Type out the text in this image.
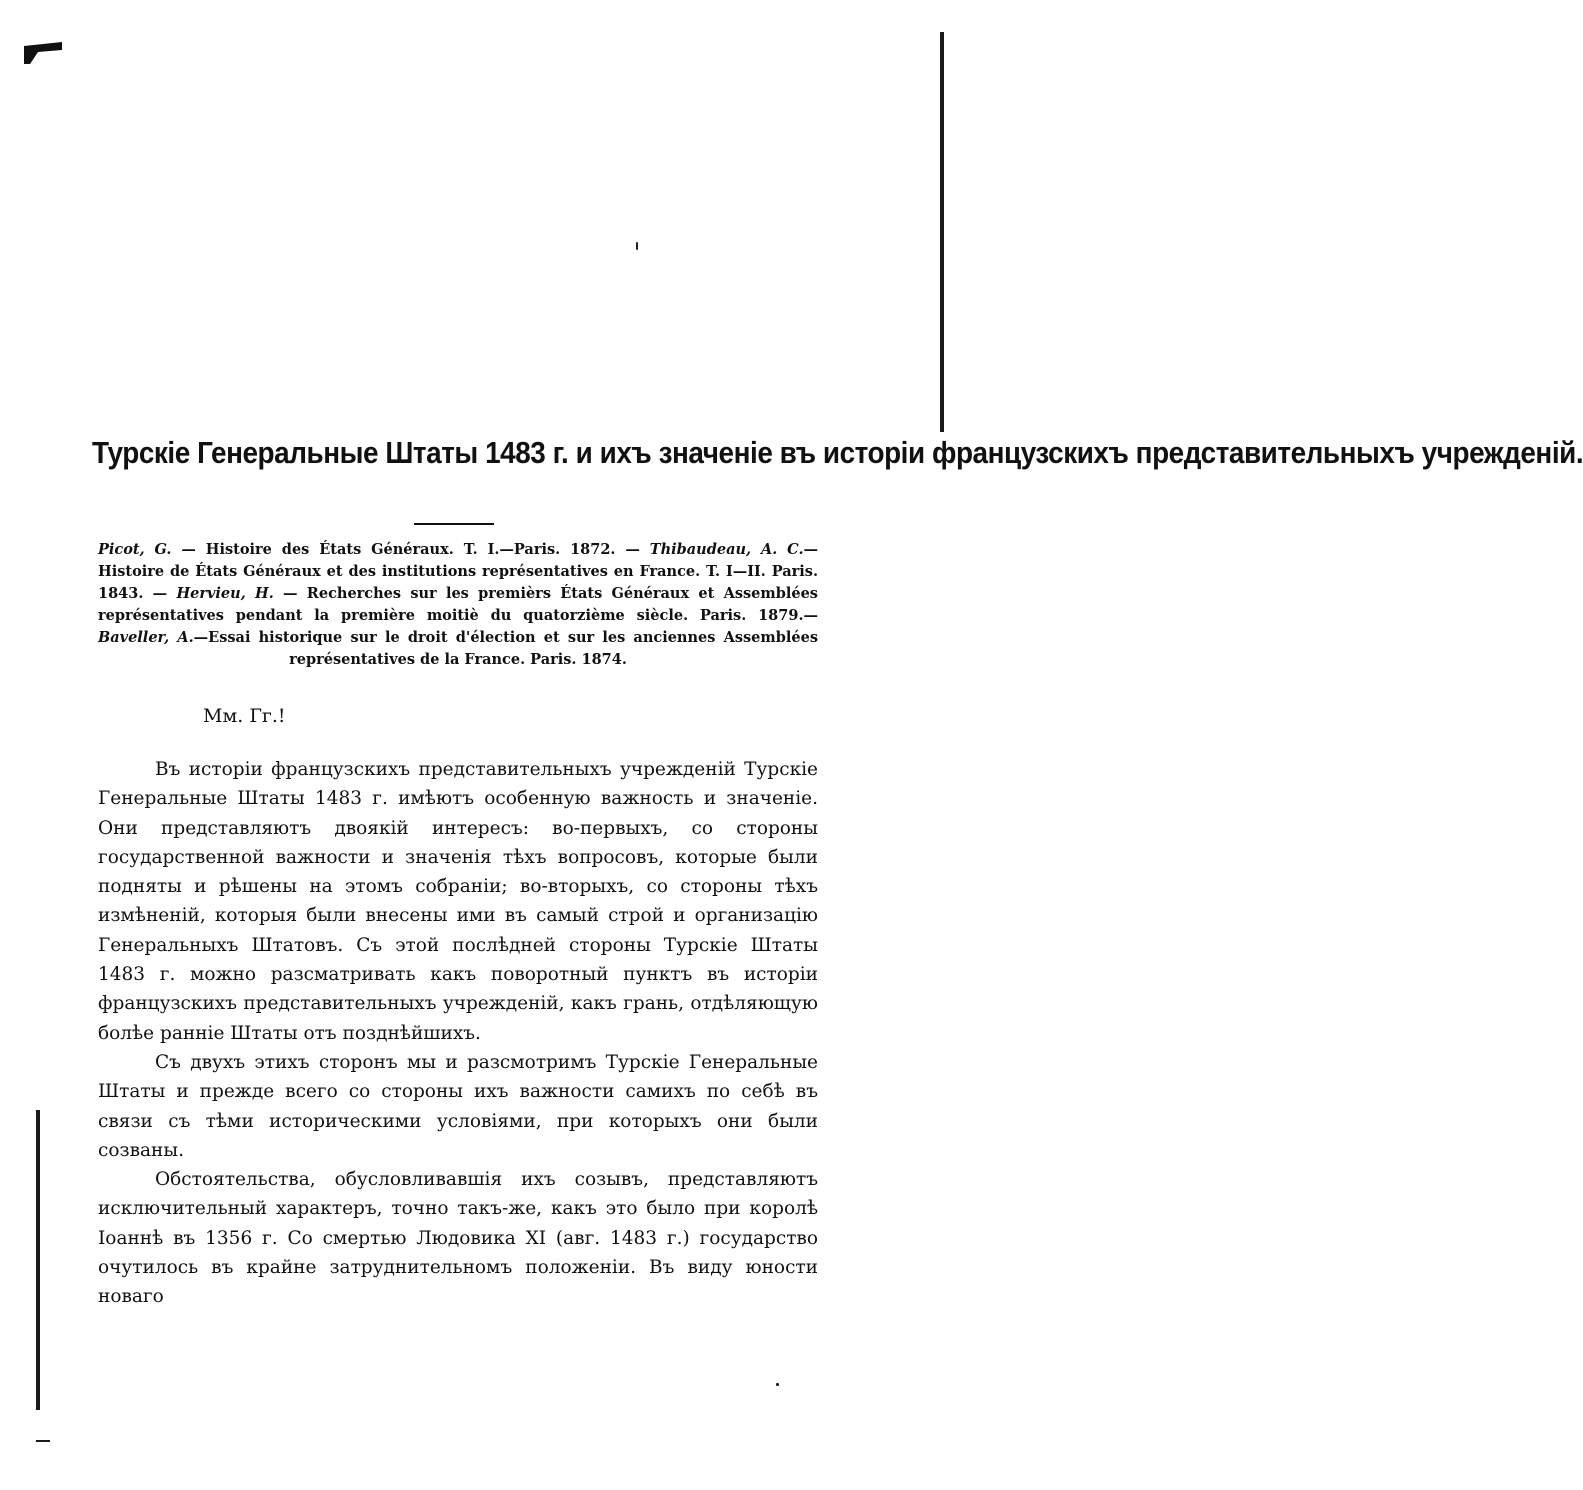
Турскіе Генеральные Штаты 1483 г. и ихъ значеніе въ исторіи французскихъ представительныхъ учрежденій.
Picot, G. — Histoire des États Généraux. T. I.—Paris. 1872. — Thibaudeau, A. C.— Histoire de États Généraux et des institutions représentatives en France. T. I—II. Paris. 1843. — Hervieu, H. — Recherches sur les premièrs États Généraux et Assemblées représentatives pendant la première moitiè du quatorzième siècle. Paris. 1879.— Baveller, A.—Essai historique sur le droit d'élection et sur les anciennes Assemblées représentatives de la France. Paris. 1874.
Мм. Гг.!

Въ исторіи французскихъ представительныхъ учрежденій Турскіе Генеральные Штаты 1483 г. имѣютъ особенную важность и значеніе. Они представляютъ двоякій интересъ: во-первыхъ, со стороны государственной важности и значенія тѣхъ вопросовъ, которые были подняты и рѣшены на этомъ собраніи; во-вторыхъ, со стороны тѣхъ измѣненій, которыя были внесены ими въ самый строй и организацію Генеральныхъ Штатовъ. Съ этой послѣдней стороны Турскіе Штаты 1483 г. можно разсматривать какъ поворотный пунктъ въ исторіи французскихъ представительныхъ учрежденій, какъ грань, отдѣляющую болѣе ранніе Штаты отъ позднѣйшихъ.

Съ двухъ этихъ сторонъ мы и разсмотримъ Турскіе Генеральные Штаты и прежде всего со стороны ихъ важности самихъ по себѣ въ связи съ тѣми историческими условіями, при которыхъ они были созваны.

Обстоятельства, обусловливавшія ихъ созывъ, представляютъ исключительный характеръ, точно такъ-же, какъ это было при королѣ Іоаннѣ въ 1356 г. Со смертью Людовика XI (авг. 1483 г.) государство очутилось въ крайне затруднительномъ положеніи. Въ виду юности новаго
